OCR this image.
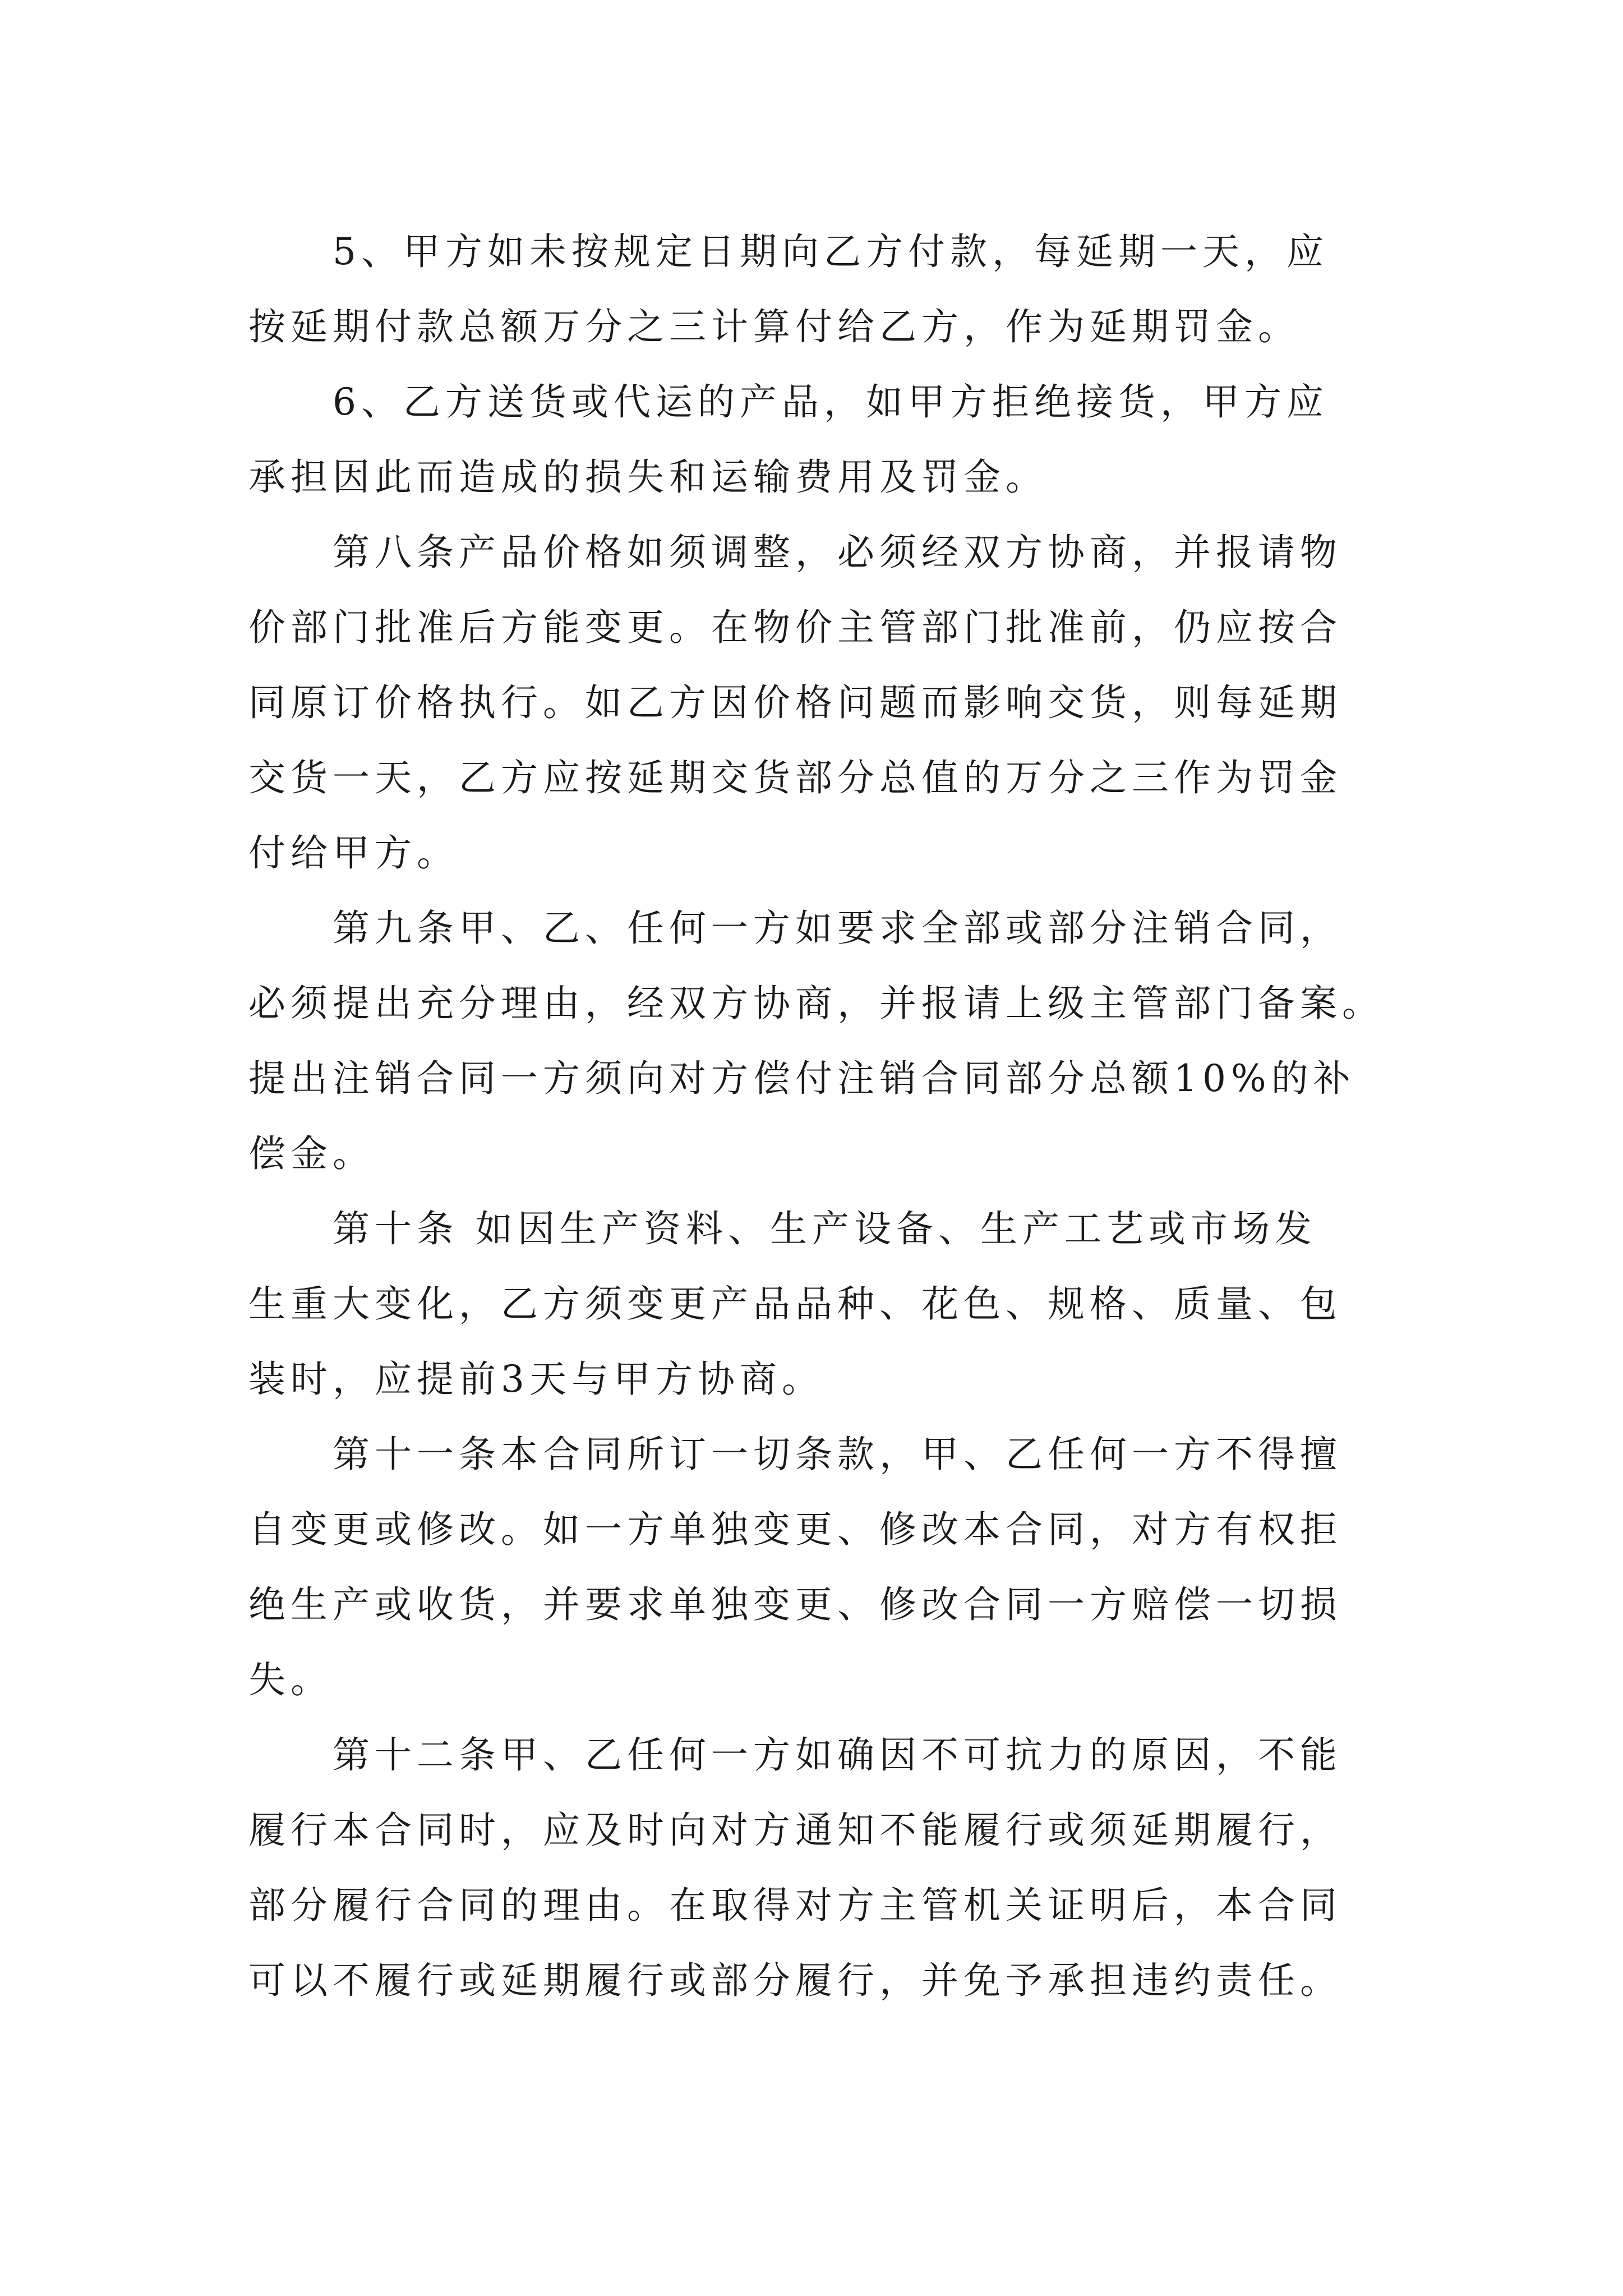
5、甲方如未按规定日期向乙方付款，每延期一天，应
按延期付款总额万分之三计算付给乙方，作为延期罚金。
6、乙方送货或代运的产品，如甲方拒绝接货，甲方应
承担因此而造成的损失和运输费用及罚金。
第八条产品价格如须调整，必须经双方协商，并报请物
价部门批准后方能变更。在物价主管部门批准前，仍应按合
同原订价格执行。如乙方因价格问题而影响交货，则每延期
交货一天，乙方应按延期交货部分总值的万分之三作为罚金
付给甲方。
第九条甲、乙、任何一方如要求全部或部分注销合同，
必须提出充分理由，经双方协商，并报请上级主管部门备案。
提出注销合同一方须向对方偿付注销合同部分总额10%的补
偿金。
第十条 如因生产资料、生产设备、生产工艺或市场发
生重大变化，乙方须变更产品品种、花色、规格、质量、包
装时，应提前3天与甲方协商。
第十一条本合同所订一切条款，甲、乙任何一方不得擅
自变更或修改。如一方单独变更、修改本合同，对方有权拒
绝生产或收货，并要求单独变更、修改合同一方赔偿一切损
失。
第十二条甲、乙任何一方如确因不可抗力的原因，不能
履行本合同时，应及时向对方通知不能履行或须延期履行，
部分履行合同的理由。在取得对方主管机关证明后，本合同
可以不履行或延期履行或部分履行，并免予承担违约责任。
